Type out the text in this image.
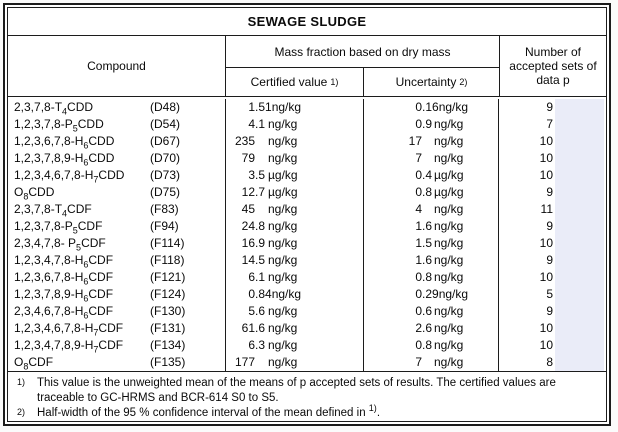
SEWAGE SLUDGE
Compound
Mass fraction based on dry mass
Certified value 1)	Uncertainty 2)
Number of accepted sets of data p
$2,3,7,8-T_4CDD$	(D48)	1 .51 ng/kg	0 .16 ng/kg	9
$1,2,3,7,8-P_5CDD$	(D54)	4 .1 ng/kg	0 .9 ng/kg	7
$1,2,3,6,7,8-H_6CDD$	(D67)	235 ng/kg	17 ng/kg	10
$1,2,3,7,8,9-H_6CDD$	(D70)	79 ng/kg	7 ng/kg	10
$1,2,3,4,6,7,8-H_7CDD$	(D73)	3 .5 µg/kg	0 .4 µg/kg	10
$O_8CDD$	(D75)	12 .7 µg/kg	0 .8 µg/kg	9
$2,3,7,8-T_4CDF$	(F83)	45 ng/kg	4 ng/kg	11
$1,2,3,7,8-P_5CDF$	(F94)	24 .8 ng/kg	1 .6 ng/kg	9
2,3,4,7,8- $P_5CDF$	(F114)	16 .9 ng/kg	1 .5 ng/kg	10
$1,2,3,4,7,8-H_6CDF$	(F118)	14 .5 ng/kg	1 .6 ng/kg	9
$1,2,3,6,7,8-H_6CDF$	(F121)	6 .1 ng/kg	0 .8 ng/kg	10
$1,2,3,7,8,9-H_6CDF$	(F124)	0 .84 ng/kg	0 .29 ng/kg	5
$2,3,4,6,7,8-H_6CDF$	(F130)	5 .6 ng/kg	0 .6 ng/kg	9
$1,2,3,4,6,7,8-H_7CDF$	(F131)	61 .6 ng/kg	2 .6 ng/kg	10
$1,2,3,4,7,8,9-H_7CDF$	(F134)	6 .3 ng/kg	0 .8 ng/kg	10
$O_8CDF$	(F135)	177 ng/kg	7 ng/kg	8
1)	This value is the unweighted mean of the means of p accepted sets of results. The certified values are traceable to GC-HRMS and BCR-614 S0 to S5.
2)	Half-width of the 95 % confidence interval of the mean defined in $^{1)}$.
